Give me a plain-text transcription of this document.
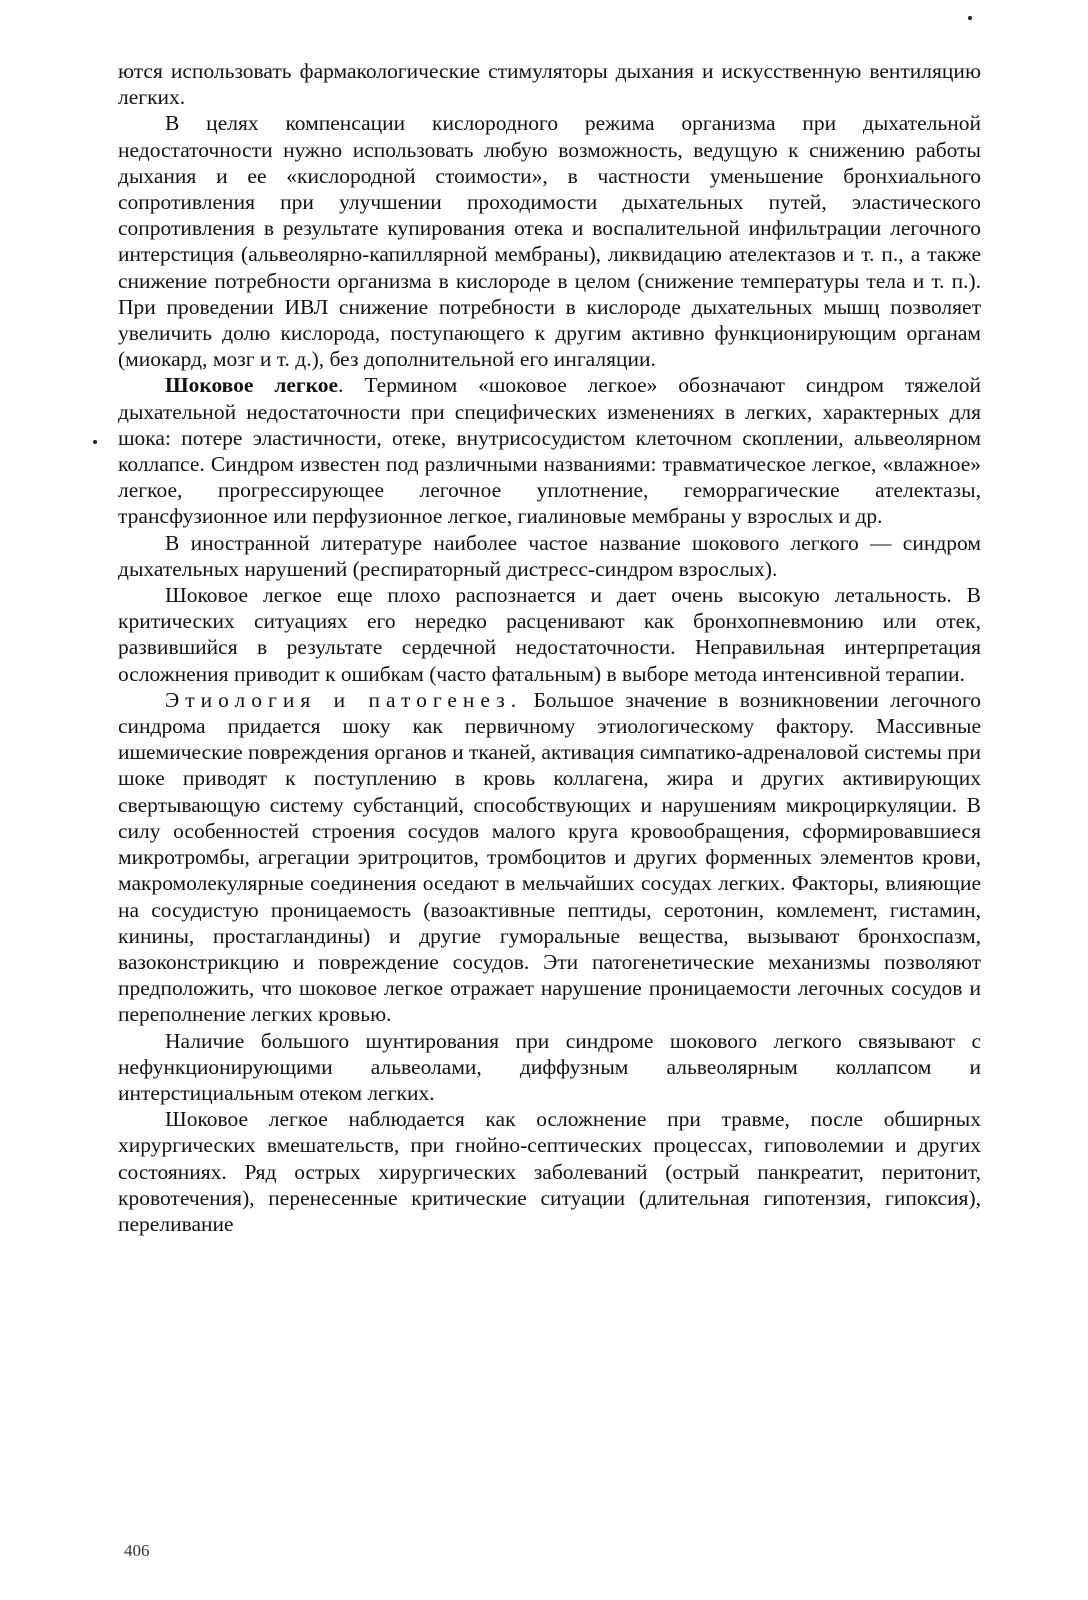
ются использовать фармакологические стимуляторы дыхания и искусственную вентиляцию легких.

В целях компенсации кислородного режима организма при дыхательной недостаточности нужно использовать любую возможность, ведущую к снижению работы дыхания и ее «кислородной стоимости», в частности уменьшение бронхиального сопротивления при улучшении проходимости дыхательных путей, эластического сопротивления в результате купирования отека и воспалительной инфильтрации легочного интерстиция (альвеолярно-капиллярной мембраны), ликвидацию ателектазов и т. п., а также снижение потребности организма в кислороде в целом (снижение температуры тела и т. п.). При проведении ИВЛ снижение потребности в кислороде дыхательных мышц позволяет увеличить долю кислорода, поступающего к другим активно функционирующим органам (миокард, мозг и т. д.), без дополнительной его ингаляции.

Шоковое легкое. Термином «шоковое легкое» обозначают синдром тяжелой дыхательной недостаточности при специфических изменениях в легких, характерных для шока: потере эластичности, отеке, внутрисосудистом клеточном скоплении, альвеолярном коллапсе. Синдром известен под различными названиями: травматическое легкое, «влажное» легкое, прогрессирующее легочное уплотнение, геморрагические ателектазы, трансфузионное или перфузионное легкое, гиалиновые мембраны у взрослых и др.

В иностранной литературе наиболее частое название шокового легкого — синдром дыхательных нарушений (респираторный дистресс-синдром взрослых).

Шоковое легкое еще плохо распознается и дает очень высокую летальность. В критических ситуациях его нередко расценивают как бронхопневмонию или отек, развившийся в результате сердечной недостаточности. Неправильная интерпретация осложнения приводит к ошибкам (часто фатальным) в выборе метода интенсивной терапии.

Этиология и патогенез. Большое значение в возникновении легочного синдрома придается шоку как первичному этиологическому фактору. Массивные ишемические повреждения органов и тканей, активация симпатико-адреналовой системы при шоке приводят к поступлению в кровь коллагена, жира и других активирующих свертывающую систему субстанций, способствующих и нарушениям микроциркуляции. В силу особенностей строения сосудов малого круга кровообращения, сформировавшиеся микротромбы, агрегации эритроцитов, тромбоцитов и других форменных элементов крови, макромолекулярные соединения оседают в мельчайших сосудах легких. Факторы, влияющие на сосудистую проницаемость (вазоактивные пептиды, серотонин, комлемент, гистамин, кинины, простагландины) и другие гуморальные вещества, вызывают бронхоспазм, вазоконстрикцию и повреждение сосудов. Эти патогенетические механизмы позволяют предположить, что шоковое легкое отражает нарушение проницаемости легочных сосудов и переполнение легких кровью.

Наличие большого шунтирования при синдроме шокового легкого связывают с нефункционирующими альвеолами, диффузным альвеолярным коллапсом и интерстициальным отеком легких.

Шоковое легкое наблюдается как осложнение при травме, после обширных хирургических вмешательств, при гнойно-септических процессах, гиповолемии и других состояниях. Ряд острых хирургических заболеваний (острый панкреатит, перитонит, кровотечения), перенесенные критические ситуации (длительная гипотензия, гипоксия), переливание

406
